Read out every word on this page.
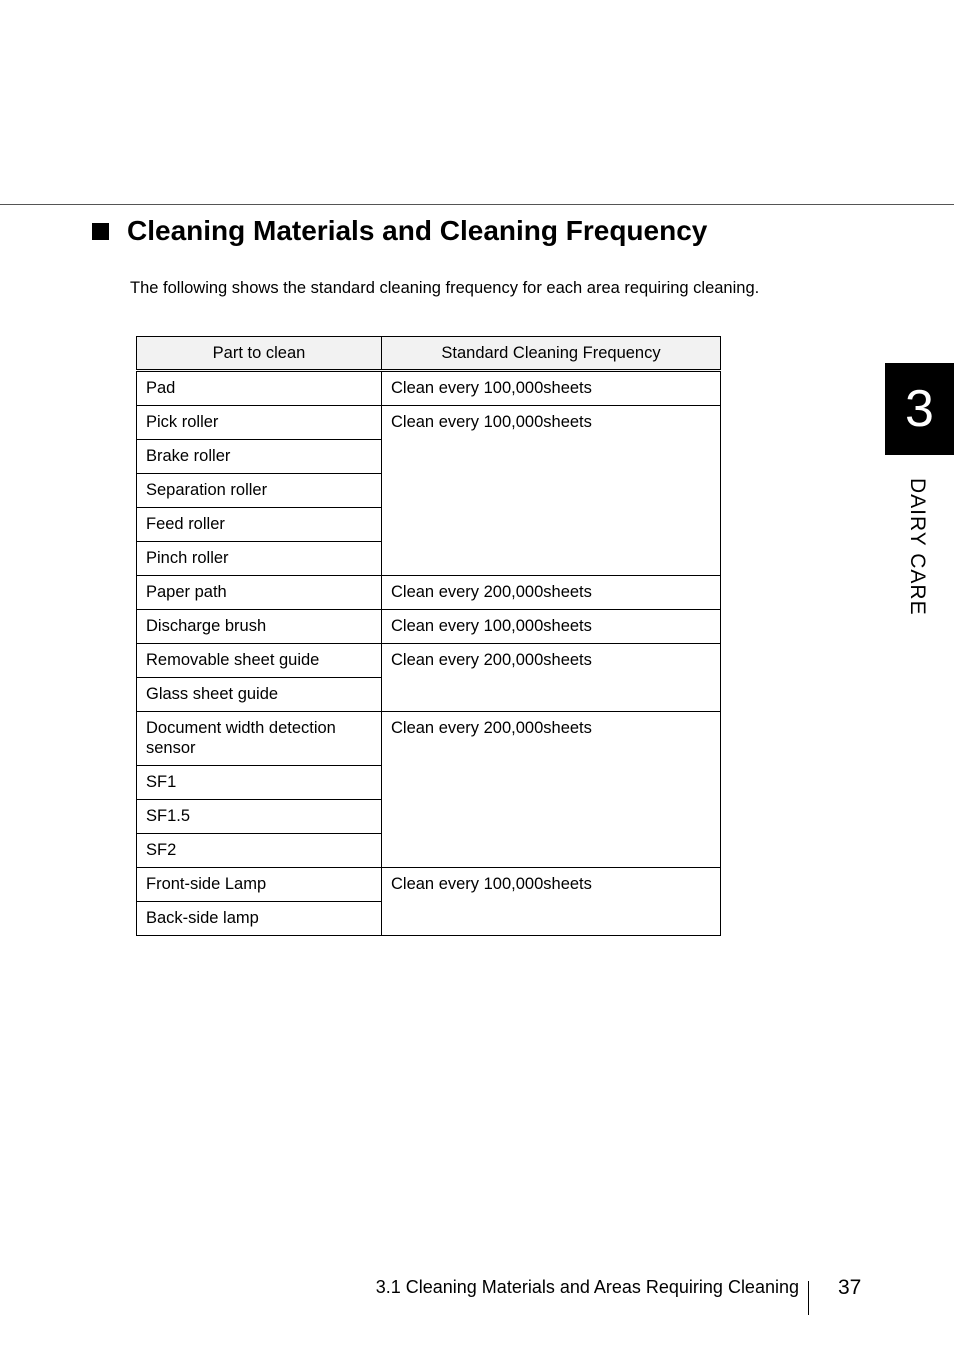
Cleaning Materials and Cleaning Frequency
The following shows the standard cleaning frequency for each area requiring cleaning.
Part to clean	Standard Cleaning Frequency
Pad	Clean every 100,000sheets
Pick roller	Clean every 100,000sheets
Brake roller	
Separation roller	
Feed roller	
Pinch roller	
Paper path	Clean every 200,000sheets
Discharge brush	Clean every 100,000sheets
Removable sheet guide	Clean every 200,000sheets
Glass sheet guide	
Document width detection sensor	Clean every 200,000sheets
SF1	
SF1.5	
SF2	
Front-side Lamp	Clean every 100,000sheets
Back-side lamp	
3
DAIRY CARE
3.1 Cleaning Materials and Areas Requiring Cleaning 37
